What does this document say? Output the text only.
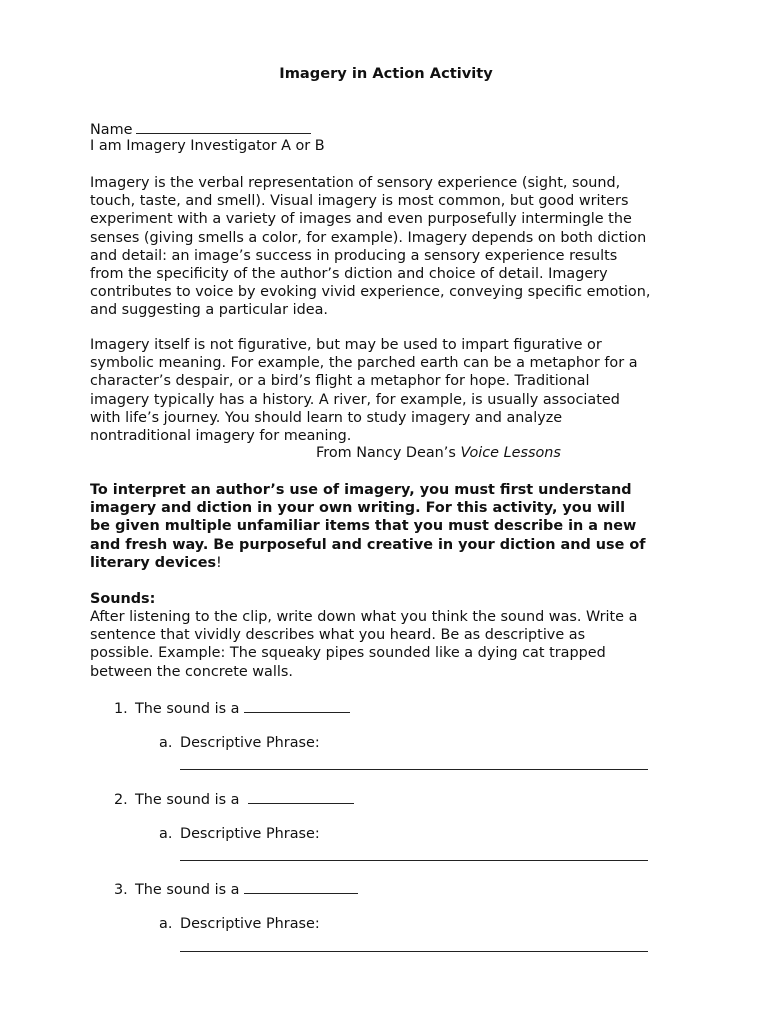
Imagery in Action Activity
Name
I am Imagery Investigator A or B
Imagery is the verbal representation of sensory experience (sight, sound,
touch, taste, and smell). Visual imagery is most common, but good writers
experiment with a variety of images and even purposefully intermingle the
senses (giving smells a color, for example). Imagery depends on both diction
and detail: an image’s success in producing a sensory experience results
from the specificity of the author’s diction and choice of detail. Imagery
contributes to voice by evoking vivid experience, conveying specific emotion,
and suggesting a particular idea.
Imagery itself is not figurative, but may be used to impart figurative or
symbolic meaning. For example, the parched earth can be a metaphor for a
character’s despair, or a bird’s flight a metaphor for hope. Traditional
imagery typically has a history. A river, for example, is usually associated
with life’s journey. You should learn to study imagery and analyze
nontraditional imagery for meaning.
From Nancy Dean’s Voice Lessons
To interpret an author’s use of imagery, you must first understand
imagery and diction in your own writing. For this activity, you will
be given multiple unfamiliar items that you must describe in a new
and fresh way. Be purposeful and creative in your diction and use of
literary devices!
Sounds:
After listening to the clip, write down what you think the sound was. Write a
sentence that vividly describes what you heard. Be as descriptive as
possible. Example: The squeaky pipes sounded like a dying cat trapped
between the concrete walls.
1. The sound is a
a. Descriptive Phrase:
2. The sound is a
a. Descriptive Phrase:
3. The sound is a
a. Descriptive Phrase:
